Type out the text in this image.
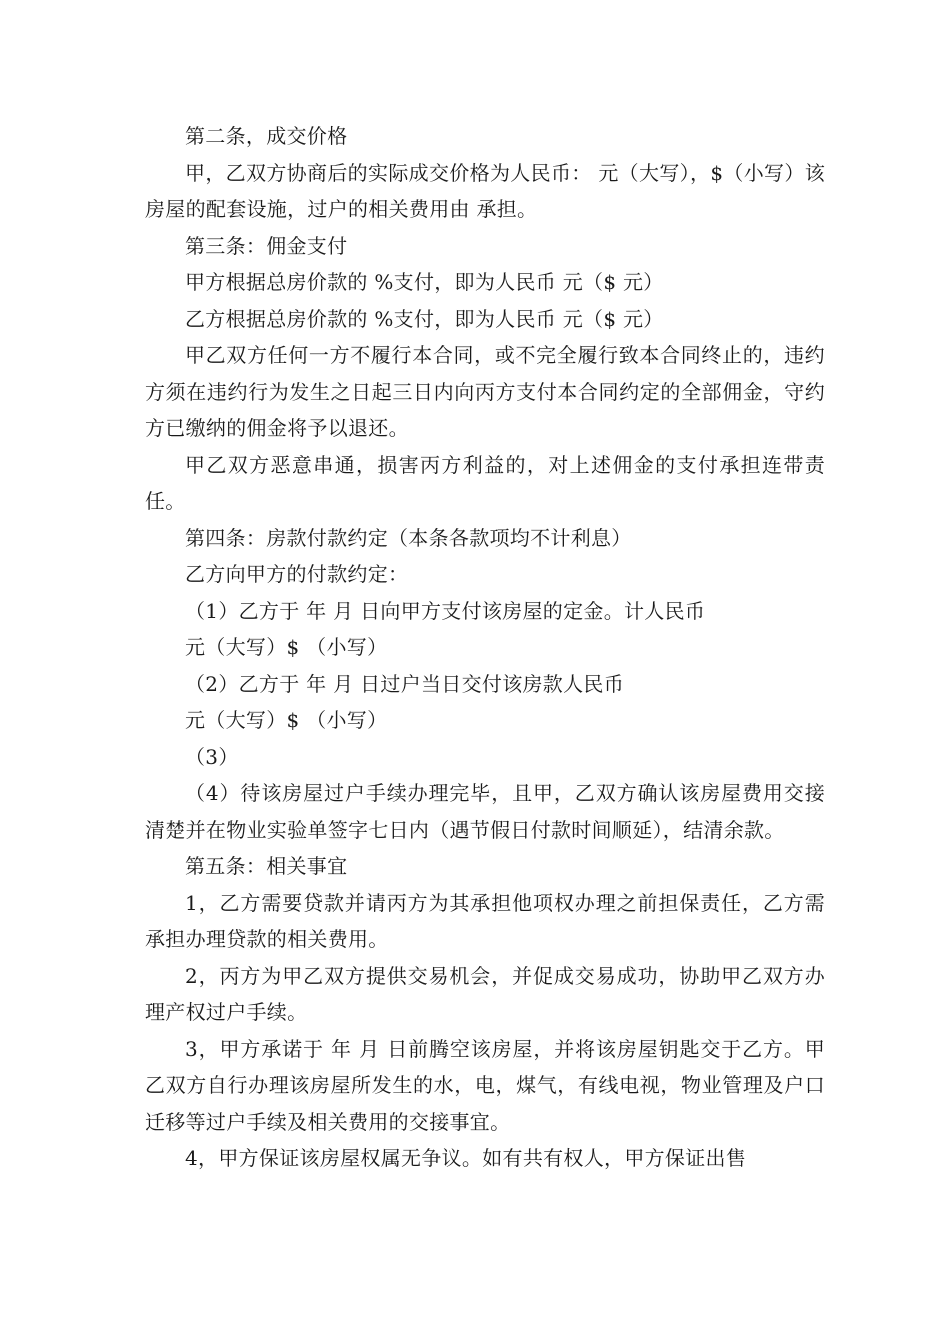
第二条，成交价格

甲，乙双方协商后的实际成交价格为人民币： 元（大写），$（小写）该房屋的配套设施，过户的相关费用由 承担。

第三条：佣金支付

甲方根据总房价款的 %支付，即为人民币 元（$ 元）

乙方根据总房价款的 %支付，即为人民币 元（$ 元）

甲乙双方任何一方不履行本合同，或不完全履行致本合同终止的，违约方须在违约行为发生之日起三日内向丙方支付本合同约定的全部佣金，守约方已缴纳的佣金将予以退还。

甲乙双方恶意串通，损害丙方利益的，对上述佣金的支付承担连带责任。

第四条：房款付款约定（本条各款项均不计利息）

乙方向甲方的付款约定：

（1）乙方于 年 月 日向甲方支付该房屋的定金。计人民币

元（大写）$ （小写）

（2）乙方于 年 月 日过户当日交付该房款人民币

元（大写）$ （小写）

（3）

（4）待该房屋过户手续办理完毕，且甲，乙双方确认该房屋费用交接清楚并在物业实验单签字七日内（遇节假日付款时间顺延），结清余款。

第五条：相关事宜

1，乙方需要贷款并请丙方为其承担他项权办理之前担保责任，乙方需承担办理贷款的相关费用。

2，丙方为甲乙双方提供交易机会，并促成交易成功，协助甲乙双方办理产权过户手续。

3，甲方承诺于 年 月 日前腾空该房屋，并将该房屋钥匙交于乙方。甲乙双方自行办理该房屋所发生的水，电，煤气，有线电视，物业管理及户口迁移等过户手续及相关费用的交接事宜。

4，甲方保证该房屋权属无争议。如有共有权人，甲方保证出售
